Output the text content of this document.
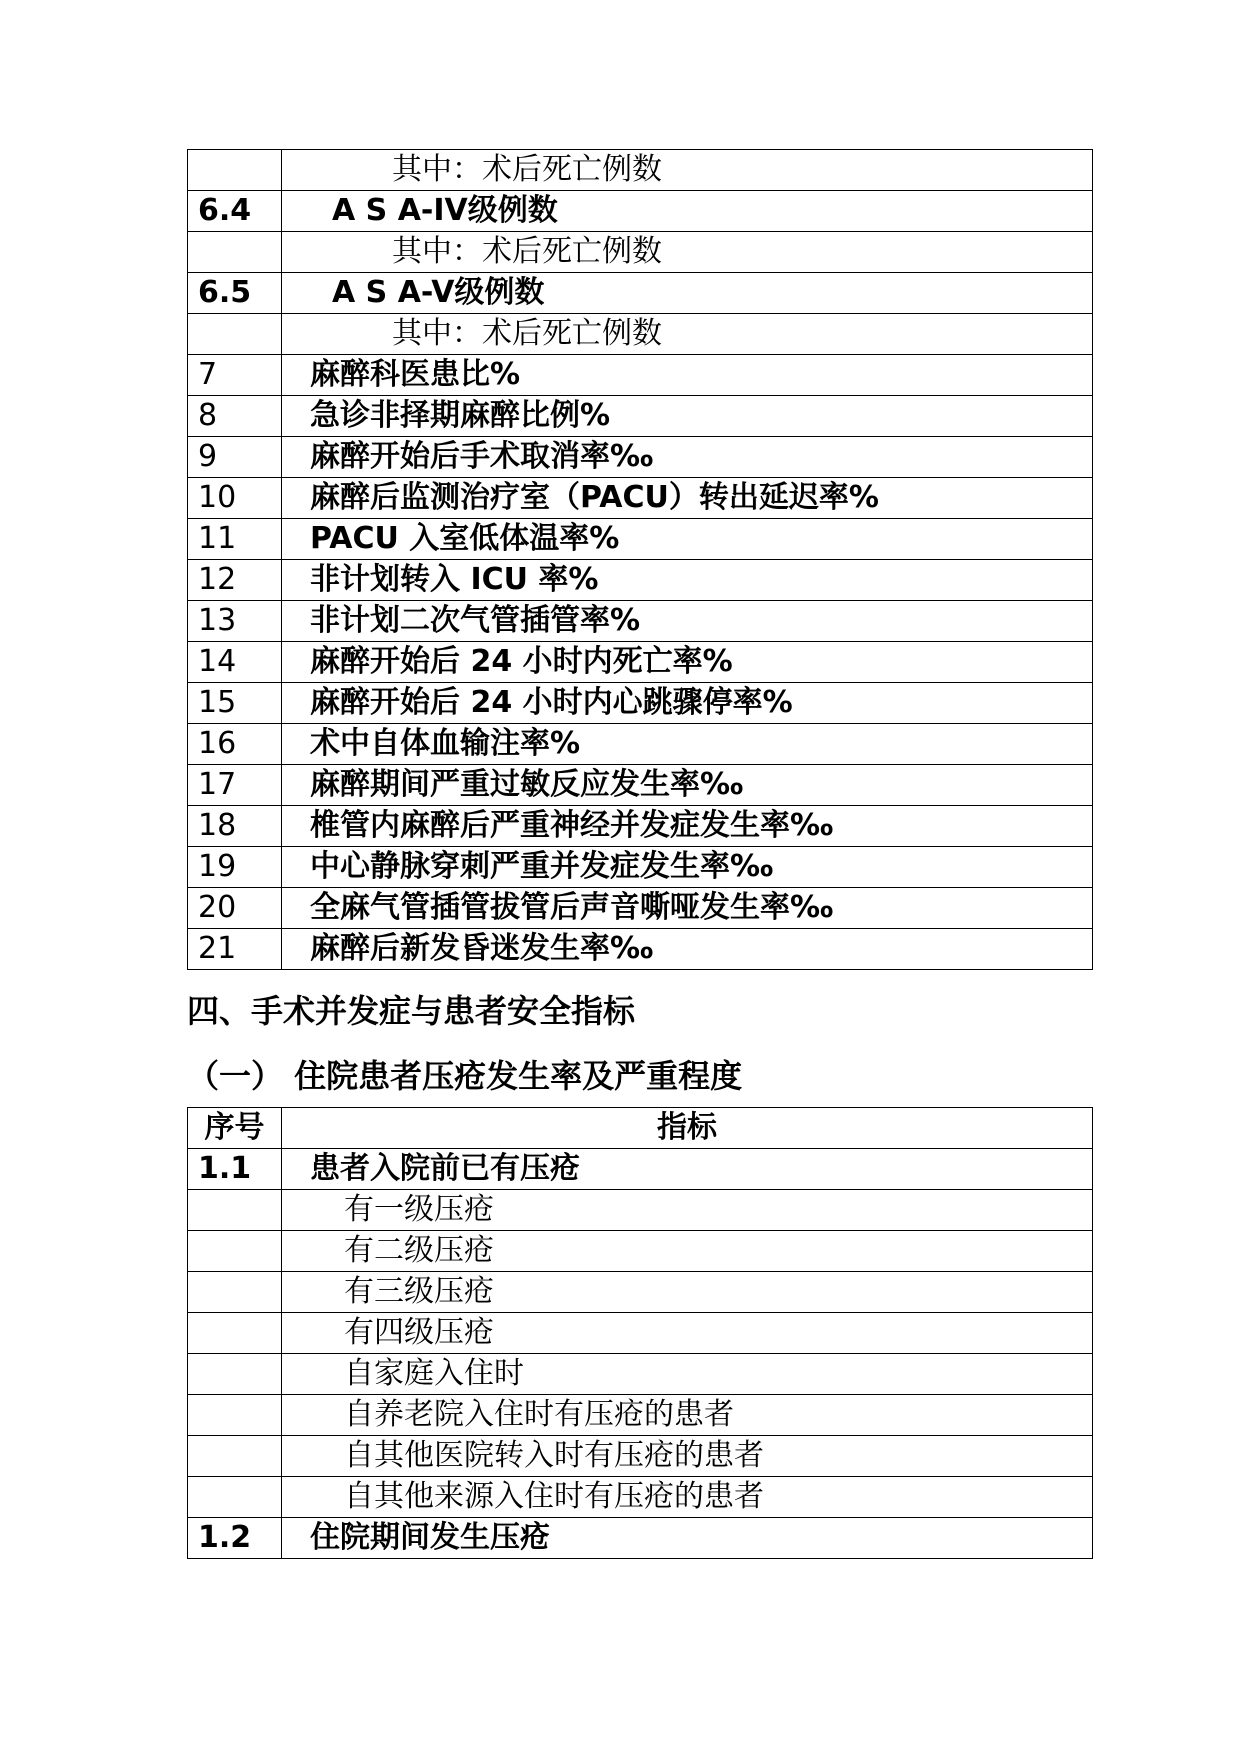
	其中：术后死亡例数
6.4	A S A-IV级例数
	其中：术后死亡例数
6.5	A S A-V级例数
	其中：术后死亡例数
7	麻醉科医患比%
8	急诊非择期麻醉比例%
9	麻醉开始后手术取消率‰
10	麻醉后监测治疗室（PACU）转出延迟率%
11	PACU 入室低体温率%
12	非计划转入 ICU 率%
13	非计划二次气管插管率%
14	麻醉开始后 24 小时内死亡率%
15	麻醉开始后 24 小时内心跳骤停率%
16	术中自体血输注率%
17	麻醉期间严重过敏反应发生率‰
18	椎管内麻醉后严重神经并发症发生率‰
19	中心静脉穿刺严重并发症发生率‰
20	全麻气管插管拔管后声音嘶哑发生率‰
21	麻醉后新发昏迷发生率‰
四、手术并发症与患者安全指标
（一） 住院患者压疮发生率及严重程度
序号	指标
1.1	患者入院前已有压疮
	有一级压疮
	有二级压疮
	有三级压疮
	有四级压疮
	自家庭入住时
	自养老院入住时有压疮的患者
	自其他医院转入时有压疮的患者
	自其他来源入住时有压疮的患者
1.2	住院期间发生压疮
